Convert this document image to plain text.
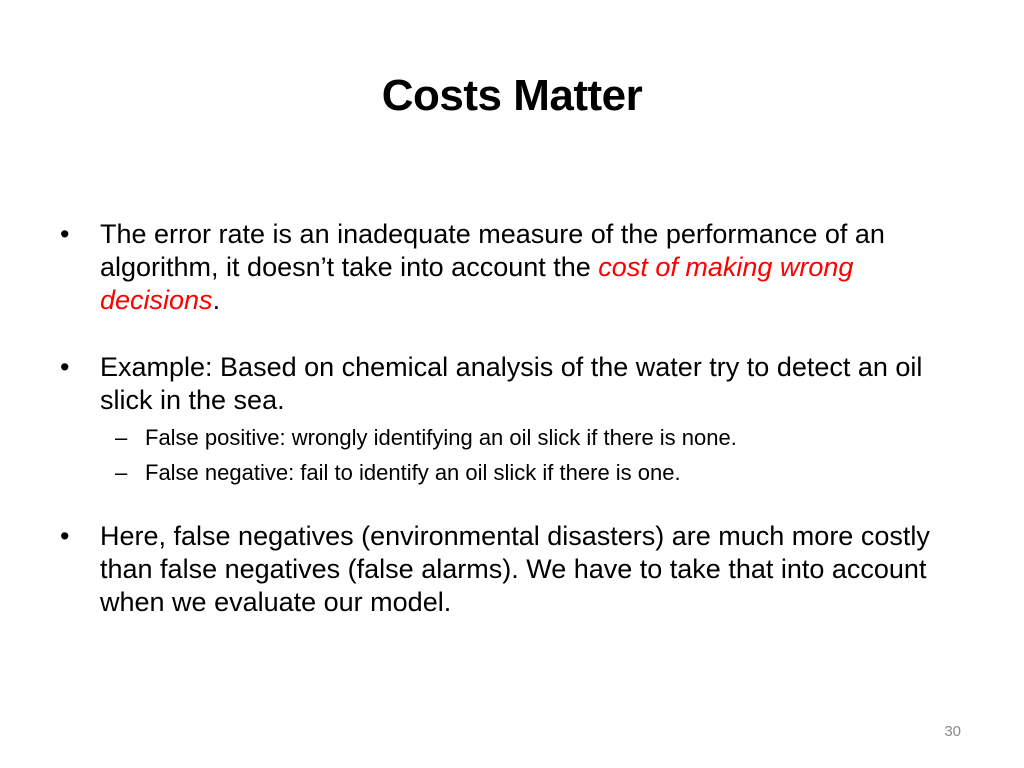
Costs Matter
• The error rate is an inadequate measure of the performance of an algorithm, it doesn’t take into account the cost of making wrong decisions.
• Example: Based on chemical analysis of the water try to detect an oil slick in the sea.
– False positive: wrongly identifying an oil slick if there is none.
– False negative: fail to identify an oil slick if there is one.
• Here, false negatives (environmental disasters) are much more costly than false negatives (false alarms). We have to take that into account when we evaluate our model.
30
